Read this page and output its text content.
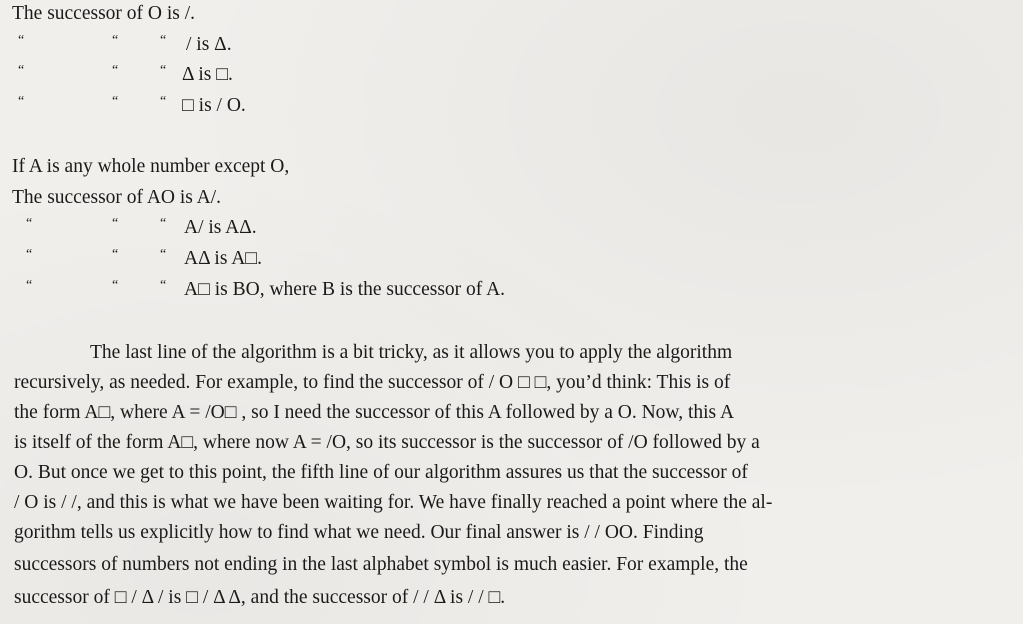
The successor of O is /.
“	“	“ / is Δ.
“	“	“ Δ is □.
“	“	“ □ is / O.
If A is any whole number except O,
The successor of AO is A/.
“	“	“ A/ is AΔ.
“	“	“ AΔ is A□.
“	“	“ A□ is BO, where B is the successor of A.
The last line of the algorithm is a bit tricky, as it allows you to apply the algorithm
recursively, as needed. For example, to find the successor of / O □ □, you’d think: This is of
the form A□, where A = /O□ , so I need the successor of this A followed by a O. Now, this A
is itself of the form A□, where now A = /O, so its successor is the successor of /O followed by a
O. But once we get to this point, the fifth line of our algorithm assures us that the successor of
/ O is / /, and this is what we have been waiting for. We have finally reached a point where the al-
gorithm tells us explicitly how to find what we need. Our final answer is / / OO. Finding
successors of numbers not ending in the last alphabet symbol is much easier. For example, the
successor of □ / Δ / is □ / Δ Δ, and the successor of / / Δ is / / □.
